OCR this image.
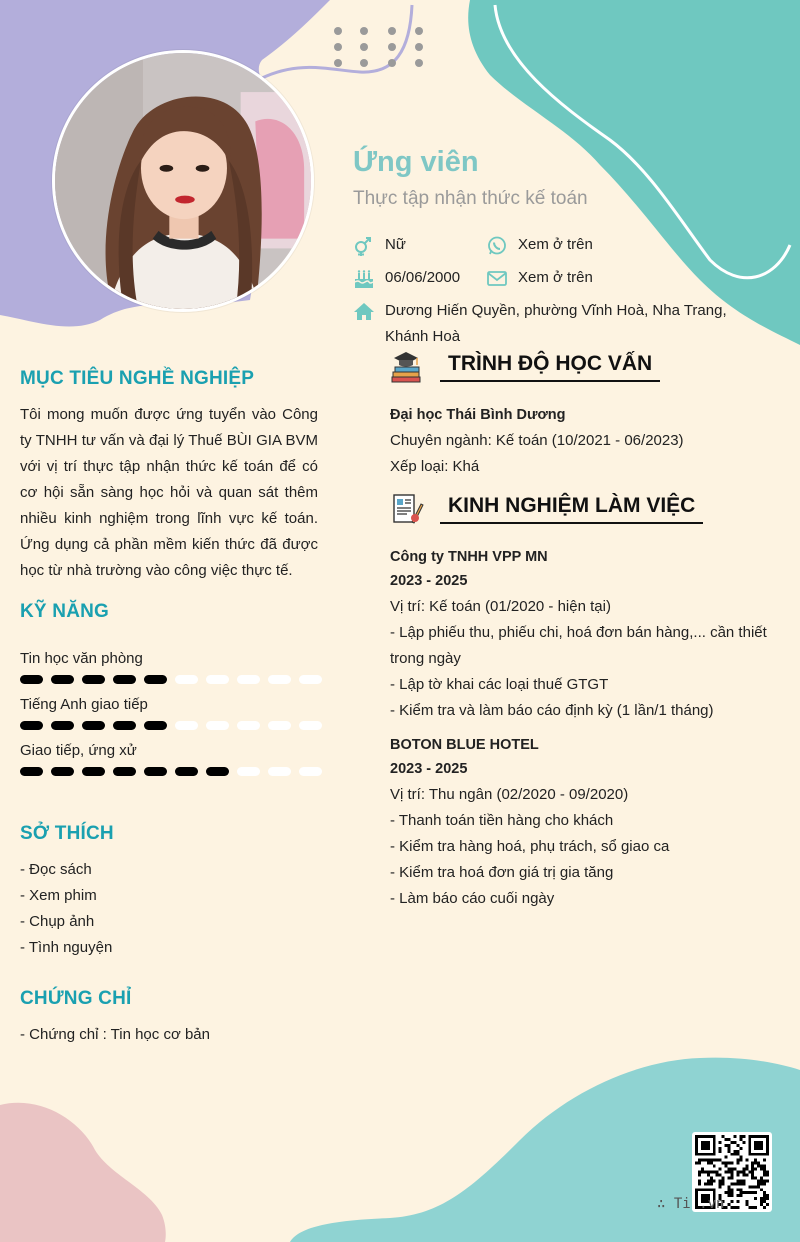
Ứng viên
Thực tập nhận thức kế toán
Nữ	Xem ở trên
06/06/2000	Xem ở trên
Dương Hiến Quyền, phường Vĩnh Hoà, Nha Trang, Khánh Hoà
MỤC TIÊU NGHỀ NGHIỆP
Tôi mong muốn được ứng tuyển vào Công ty TNHH tư vấn và đại lý Thuế BÙI GIA BVM với vị trí thực tập nhận thức kế toán để có cơ hội sẵn sàng học hỏi và quan sát thêm nhiều kinh nghiệm trong lĩnh vực kế toán. Ứng dụng cả phần mềm kiến thức đã được học từ nhà trường vào công việc thực tế.
KỸ NĂNG
Tin học văn phòng
Tiếng Anh giao tiếp
Giao tiếp, ứng xử
SỞ THÍCH
- Đọc sách
- Xem phim
- Chụp ảnh
- Tình nguyện
CHỨNG CHỈ
- Chứng chỉ : Tin học cơ bản
TRÌNH ĐỘ HỌC VẤN
Đại học Thái Bình Dương
Chuyên ngành: Kế toán (10/2021 - 06/2023)
Xếp loại: Khá
KINH NGHIỆM LÀM VIỆC
Công ty TNHH VPP MN
2023 - 2025
Vị trí: Kế toán (01/2020 - hiện tại)
- Lập phiếu thu, phiếu chi, hoá đơn bán hàng,... cần thiết trong ngày
- Lập tờ khai các loại thuế GTGT
- Kiểm tra và làm báo cáo định kỳ (1 lần/1 tháng)
BOTON BLUE HOTEL
2023 - 2025
Vị trí: Thu ngân (02/2020 - 09/2020)
- Thanh toán tiền hàng cho khách
- Kiểm tra hàng hoá, phụ trách, sổ giao ca
- Kiểm tra hoá đơn giá trị gia tăng
- Làm báo cáo cuối ngày
∴ Ti .vn
